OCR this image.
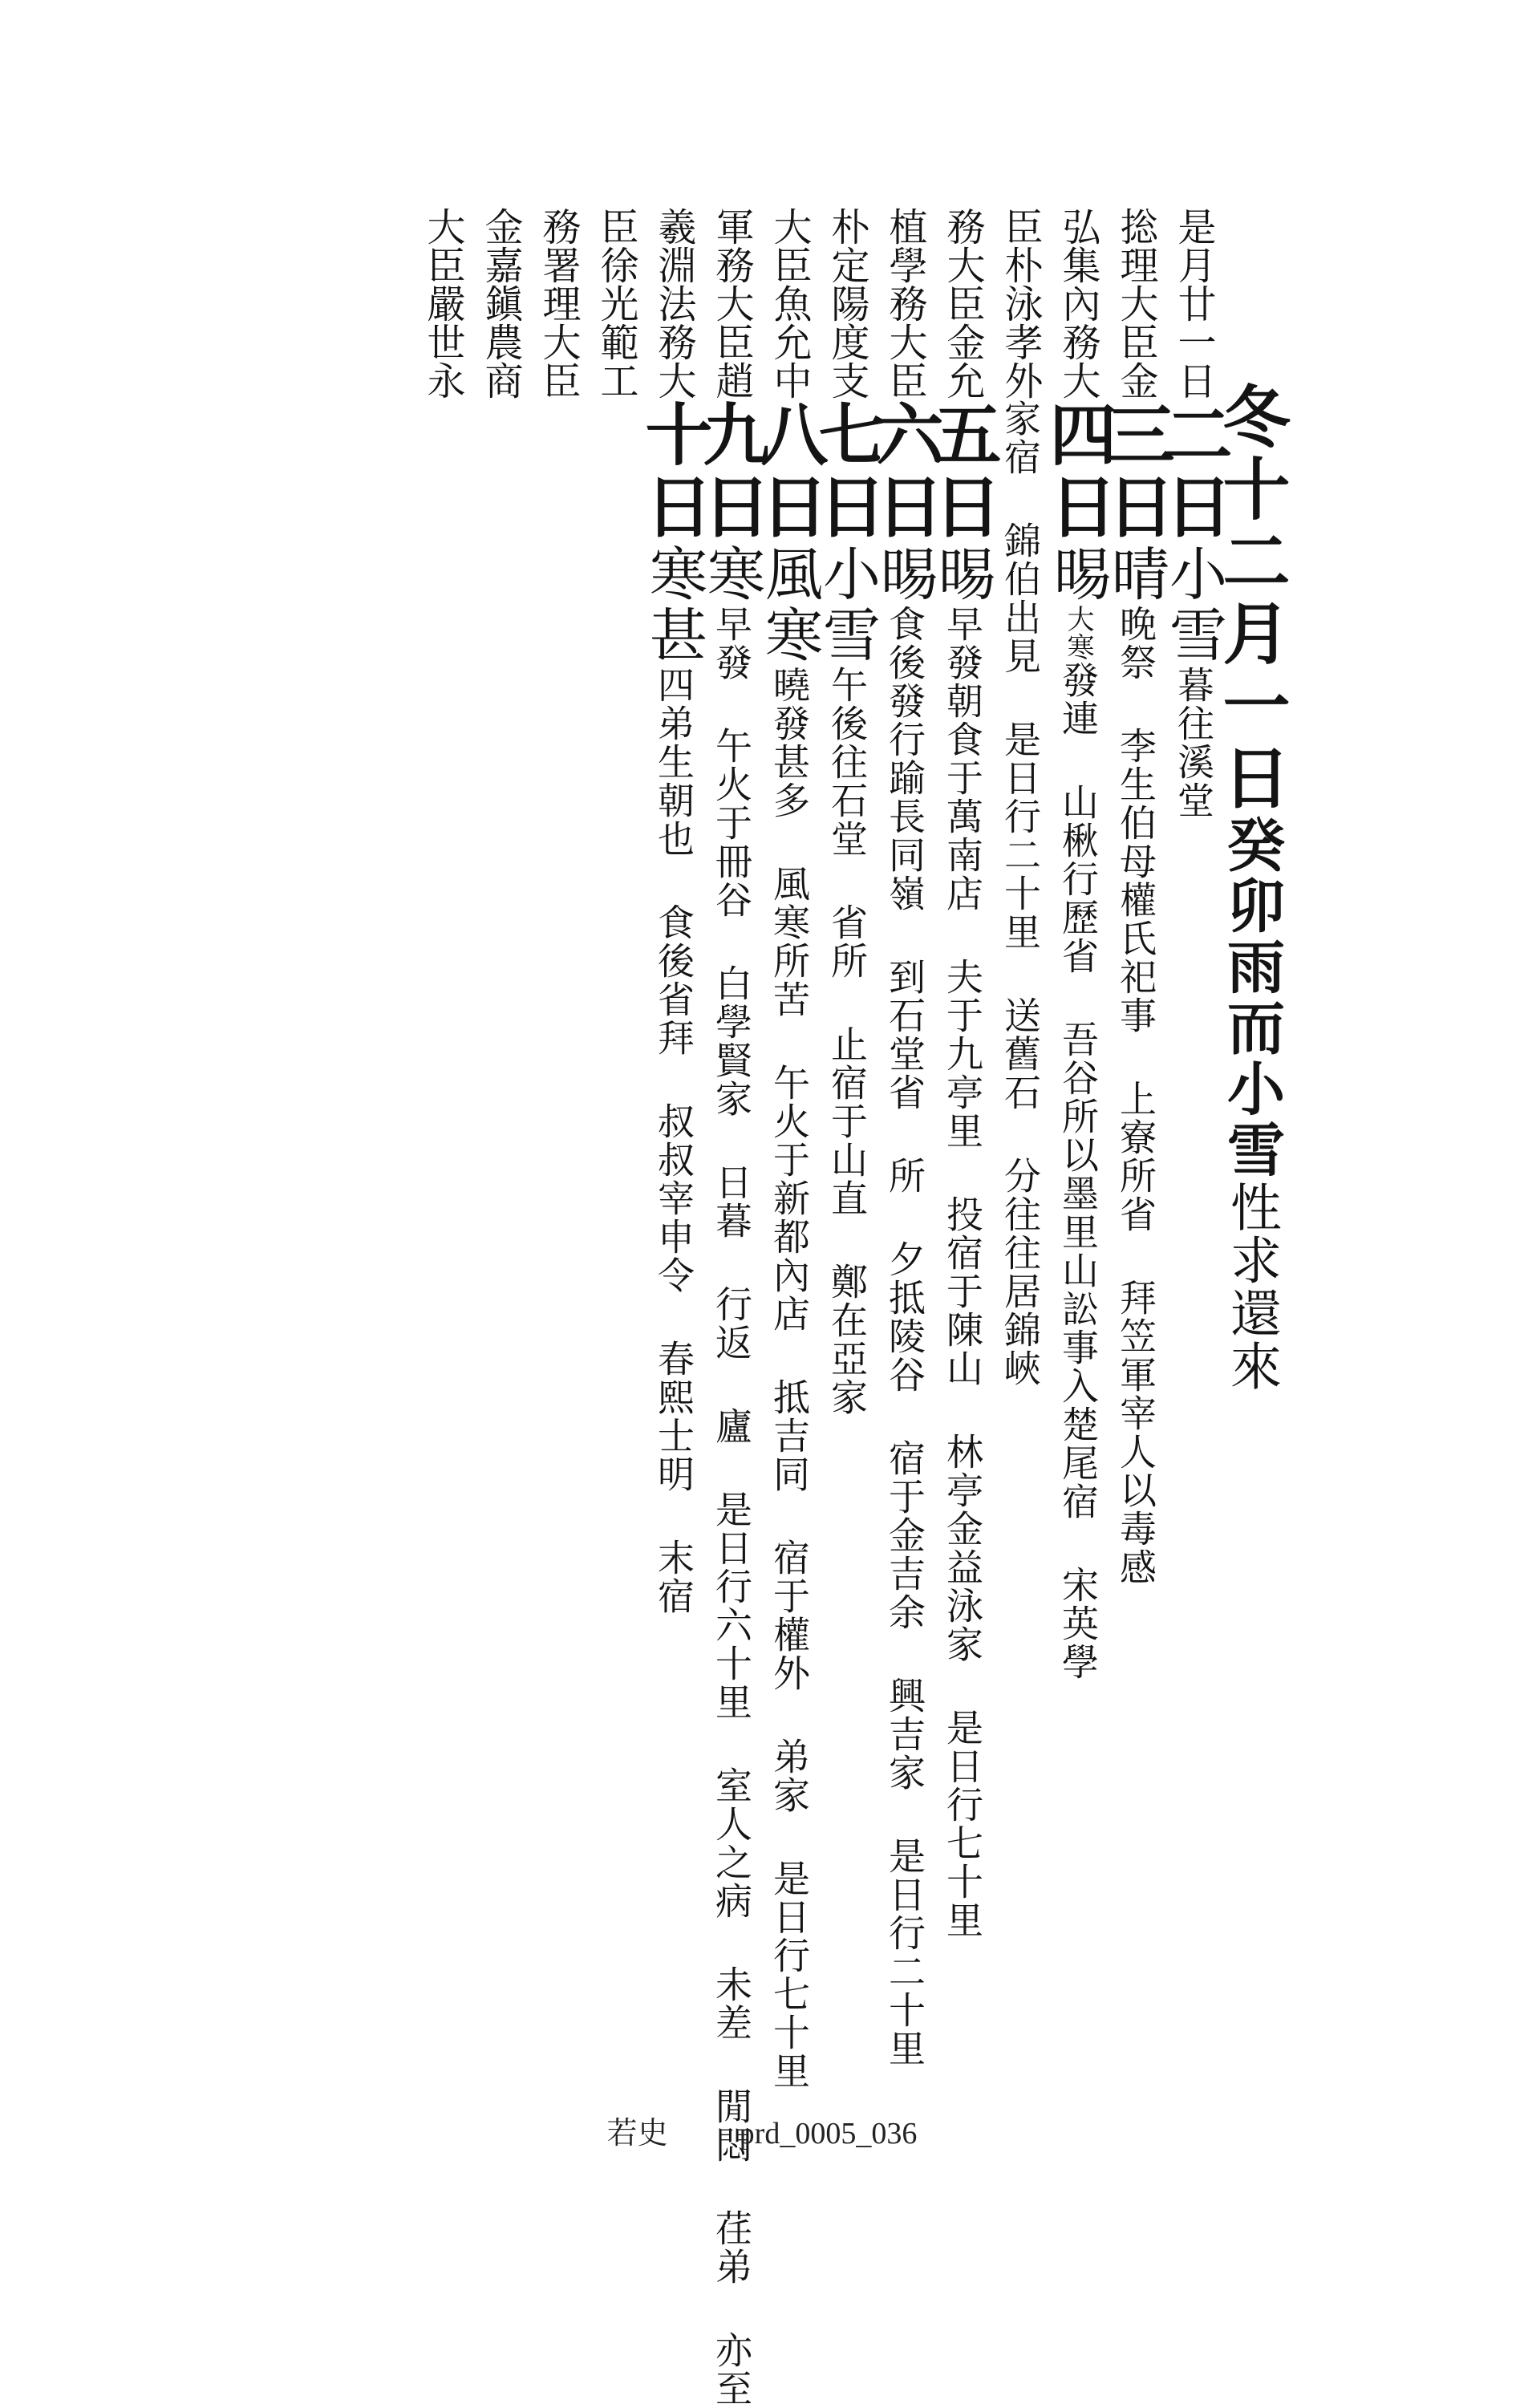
冬十二月一日癸卯雨而小雪性求還來
是月廿一日二日小雪暮往溪堂
捴理大臣金三日晴晚祭 李生伯母權氏祀事 上寮所省 拜笠軍宰人以毒感
弘集內務大四日晹大寒發連 山楸行歷省 吾谷所以墨里山訟事入楚尾宿 宋英學
臣朴泳孝外家宿 錦伯出見 是日行二十里 送舊石 分往往居錦峽
務大臣金允五日晹早發朝食于萬南店 夫于九亭里 投宿于陳山 林亭金益泳家 是日行七十里
植學務大臣六日晹食後發行踰長同嶺 到石堂省 所 夕抵陵谷 宿于金吉余 興吉家 是日行二十里
朴定陽度支七日小雪午後往石堂 省所 止宿于山直 鄭在亞家
大臣魚允中八日風寒曉發甚多 風寒所苦 午火于新都內店 抵吉同 宿于權外 弟家 是日行七十里
軍務大臣趙九日寒早發 午火于冊谷 白學賢家 日暮 行返 廬 是日行六十里 室人之病 未差 閒悶 荏弟 亦至
羲淵法務大十日寒甚四弟生朝也 食後省拜 叔叔宰申令 春熙士明 末宿
臣徐光範工
務署理大臣
金嘉鎭農商
大臣嚴世永
若史 prd_0005_036
